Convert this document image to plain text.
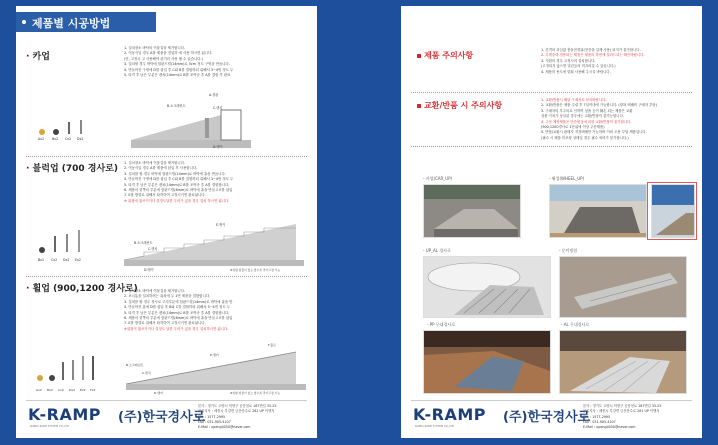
제품별 시공방법
· 카업
Ax2 Bx2 Cx2 Dx2
A.경판
B.소크레펀트	C.렌치
D.앵커
1. 설치장소 바닥의 이물질을 제거합니다.
2. 이동식일 경우 A볼 제품을 경업하 에 사용 하시면 됩니다.
(단, 고정시 고 사용해야 된거리 사용 될 수 있습니다.)
3. 설치할 경우 바닥에 험판드릴(14mm)로 5cm 정도 구멍을 만듭니다.
4. 만들어진 구멍에 D를 삽입 후 C와 B를 결합하되 위해서 3~4번 정도 두
5. 타격 후 남은 부분은 렌치(14mm)로 B를 조여준 후 A를 결합 후 완료
· 블럭업 (700 경사로)
1. 설치장소 바닥에 이물질을 제거합니다.
2. 이동식일 경우 A를 제품에 삽입 후 사용합니다.
3. 설치를 할 경우 바닥에 험판드릴(14mm)로 바닥에 홀을 만듭니다.
4. 만들어진 구멍에 D를 삽입 후 C와 B를 결합하되 위해서 3~4번 정도 두
5. 타격 후 남은 부분은 렌치(14mm)로 B를 조여준 후 A를 결합합니다.
6. 제품의 한쪽의 부분에 험판드릴(6mm)로 바닥에 홀을 만들고 E를 삽입
7. E볼 방향로 위해서 타격하여 고정시키면 완료됩니다.
※ 위험에 휩쓰거거나 설정도달한 우려가 있을 경우 설치 하시면 됩니다.
Bx2 Cx2 Dx2 Ex2
B.소크레펀트
E.앵커
C.렌치
D.앵커	#위험 힘물이 있는 할수록 추가고정 가능
· 휠업 (900,1200 경사로)
1. 설치장소 바닥에 이물질을 제거합니다.
2. 코너통을 설치하려는 위치에 두 1번 제품을 결합합니다.
3. 설치를 할 경우 경사로 고지부분에 험판드릴(14mm)로 바닥에 홀을 만
4. 만들어진 홈에 D를 삽입 후 B와 C를 결합하되 위해서 3~4번 정도 두
5. 타격 후 남은 부분은 렌치(14mm)로 B를 조여준 후 A를 결합합니다.
6. 제품의 한쪽의 부분에 험판드릴(6mm)로 바닥에 홀을 만들고 E를 삽입
7. E볼 방향로 위해서 타격하여 고정시키면 완료됩니다.
※위험이 휩쓰거거나 설정도 달한 우려가 있을 경우 설치하시면 됩니다.
Ax2 Bx2 Cx2 Dx2 Ex2 Fx2
F.홀로
E.앵커
B.소크레펀트
C.렌치
D.앵커	#위험 힘물이 있는 할수록 추가고정 가능
K-RAMP
KOREA RAMP SYSTEM CO.,LTD
(주)한국경사로
본사 : 경기도 고양시 덕양구 공릉천로 187번길 35-25
물류지사 : 세종시 부강면 금산산수로 281 UP 이엔지
TEL : 1577-2995
FAX : 031-905-4107
E-Mail : upeng4050@naver.com
제품 주의사항
1. 간격의 과심없 충돌현경위(현층을 설계 사용) 되지가 불가합니다.
2. 무게중력 경용되는 제품은 제품의 하면에 설러드되는 확인바랍니다.
3. 지원의 경우 고정시켜 설치합니다.
(고정되지 않으면 밀린들의 미끄러질 수 있습니다.)
4. 제품의 용도에 맞춰 사용해 주시길 바랍니다.
교환/반품 시 주의사항
1. 교환/반품시 배달 구매처로 문의바랍니다.
2. 교환/반품은 제품 수령 후 7일이내에 가능합니다. (왕복 택배비 구매자 부담)
3. 구매자의 부주의로 인하여 상품 등이 훼손 되는 제품은 교환
상품 가치가 상실된 경우에는 교환/반품이 불가능합니다.
4. 주문 제작제품은 단순변심에 의한 교환/반품이 불가합니다.
(900,1200경사로 1단위에 이상 주문제품)
5. 반품/교환시 판매자 지정택배만 가능하며 이외 오용 부담 제품입니다.
(필수 시 제품 미포장 상태일 경우 필수 외비가 불가합니다.)
- 카업(CAR_UP)	- 휠업(WHEEL_UP)
- UP_AL 경사로	- 문턱방침
- PP 무대경사로	- AL 무대경사로
K-RAMP
KOREA RAMP SYSTEM CO.,LTD
(주)한국경사로
본사 : 경기도 고양시 덕양구 공릉천로 187번길 35-25
물류지사 : 세종시 부강면 금산산수로 281 UP 이엔지
TEL : 1577-2995
FAX : 031-905-4107
E-Mail : upeng4050@naver.com
